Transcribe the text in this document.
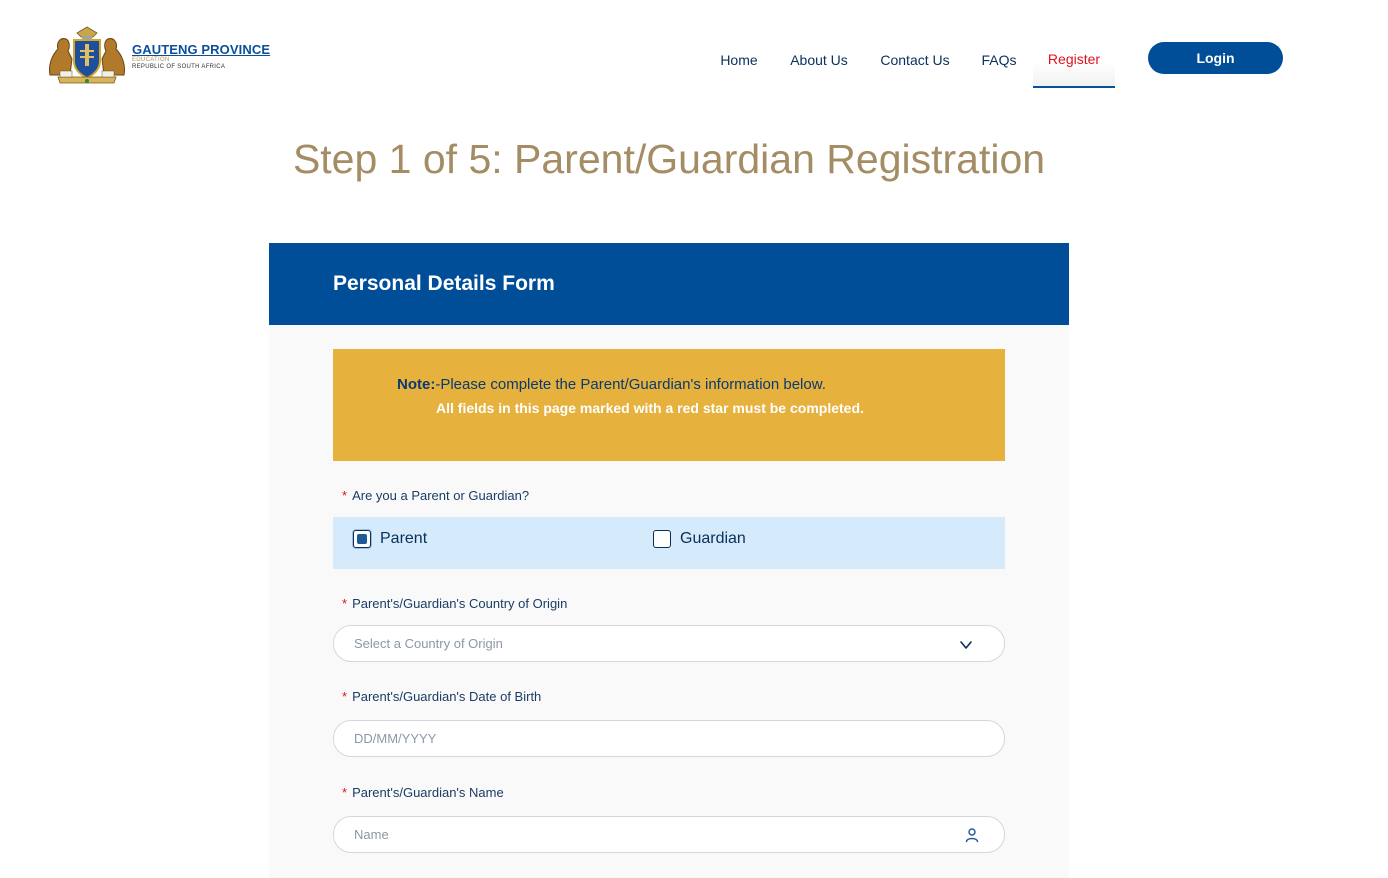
GAUTENG PROVINCE
EDUCATION
REPUBLIC OF SOUTH AFRICA	Home	About Us	Contact Us	FAQs	Register	Login
Step 1 of 5: Parent/Guardian Registration
Personal Details Form
Note:-Please complete the Parent/Guardian's information below.
All fields in this page marked with a red star must be completed.
* Are you a Parent or Guardian?
Parent	Guardian
* Parent's/Guardian's Country of Origin
Select a Country of Origin
* Parent's/Guardian's Date of Birth
DD/MM/YYYY
* Parent's/Guardian's Name
Name
